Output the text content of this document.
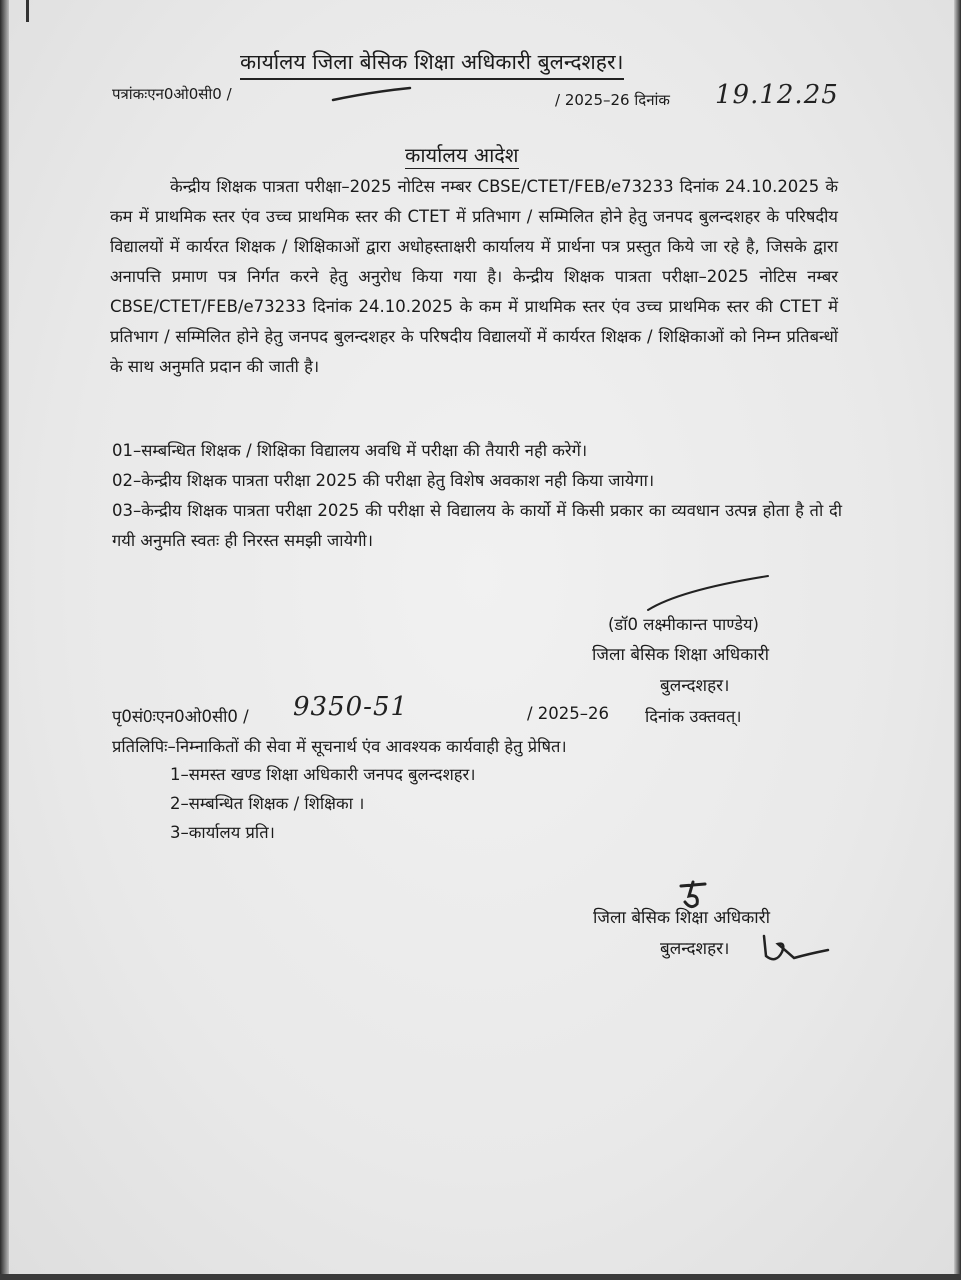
कार्यालय जिला बेसिक शिक्षा अधिकारी बुलन्दशहर।
पत्रांकःएन0ओ0सी0 /	/ 2025–26 दिनांक 19.12.25
कार्यालय आदेश
केन्द्रीय शिक्षक पात्रता परीक्षा–2025 नोटिस नम्बर CBSE/CTET/FEB/e73233 दिनांक 24.10.2025 के कम में प्राथमिक स्तर एंव उच्च प्राथमिक स्तर की CTET में प्रतिभाग / सम्मिलित होने हेतु जनपद बुलन्दशहर के परिषदीय विद्यालयों में कार्यरत शिक्षक / शिक्षिकाओं द्वारा अधोहस्ताक्षरी कार्यालय में प्रार्थना पत्र प्रस्तुत किये जा रहे है, जिसके द्वारा अनापत्ति प्रमाण पत्र निर्गत करने हेतु अनुरोध किया गया है। केन्द्रीय शिक्षक पात्रता परीक्षा–2025 नोटिस नम्बर CBSE/CTET/FEB/e73233 दिनांक 24.10.2025 के कम में प्राथमिक स्तर एंव उच्च प्राथमिक स्तर की CTET में प्रतिभाग / सम्मिलित होने हेतु जनपद बुलन्दशहर के परिषदीय विद्यालयों में कार्यरत शिक्षक / शिक्षिकाओं को निम्न प्रतिबन्धों के साथ अनुमति प्रदान की जाती है।
01–सम्बन्धित शिक्षक / शिक्षिका विद्यालय अवधि में परीक्षा की तैयारी नही करेगें।
02–केन्द्रीय शिक्षक पात्रता परीक्षा 2025 की परीक्षा हेतु विशेष अवकाश नही किया जायेगा।
03–केन्द्रीय शिक्षक पात्रता परीक्षा 2025 की परीक्षा से विद्यालय के कार्यो में किसी प्रकार का व्यवधान उत्पन्न होता है तो दी गयी अनुमति स्वतः ही निरस्त समझी जायेगी।
(डॉ0 लक्ष्मीकान्त पाण्डेय)
जिला बेसिक शिक्षा अधिकारी
बुलन्दशहर।
पृ0सं0ःएन0ओ0सी0 / 9350-51	/ 2025–26 दिनांक उक्तवत्।
प्रतिलिपिः–निम्नाकितों की सेवा में सूचनार्थ एंव आवश्यक कार्यवाही हेतु प्रेषित।
1–समस्त खण्ड शिक्षा अधिकारी जनपद बुलन्दशहर।
2–सम्बन्धित शिक्षक / शिक्षिका ।
3–कार्यालय प्रति।
जिला बेसिक शिक्षा अधिकारी
बुलन्दशहर।
